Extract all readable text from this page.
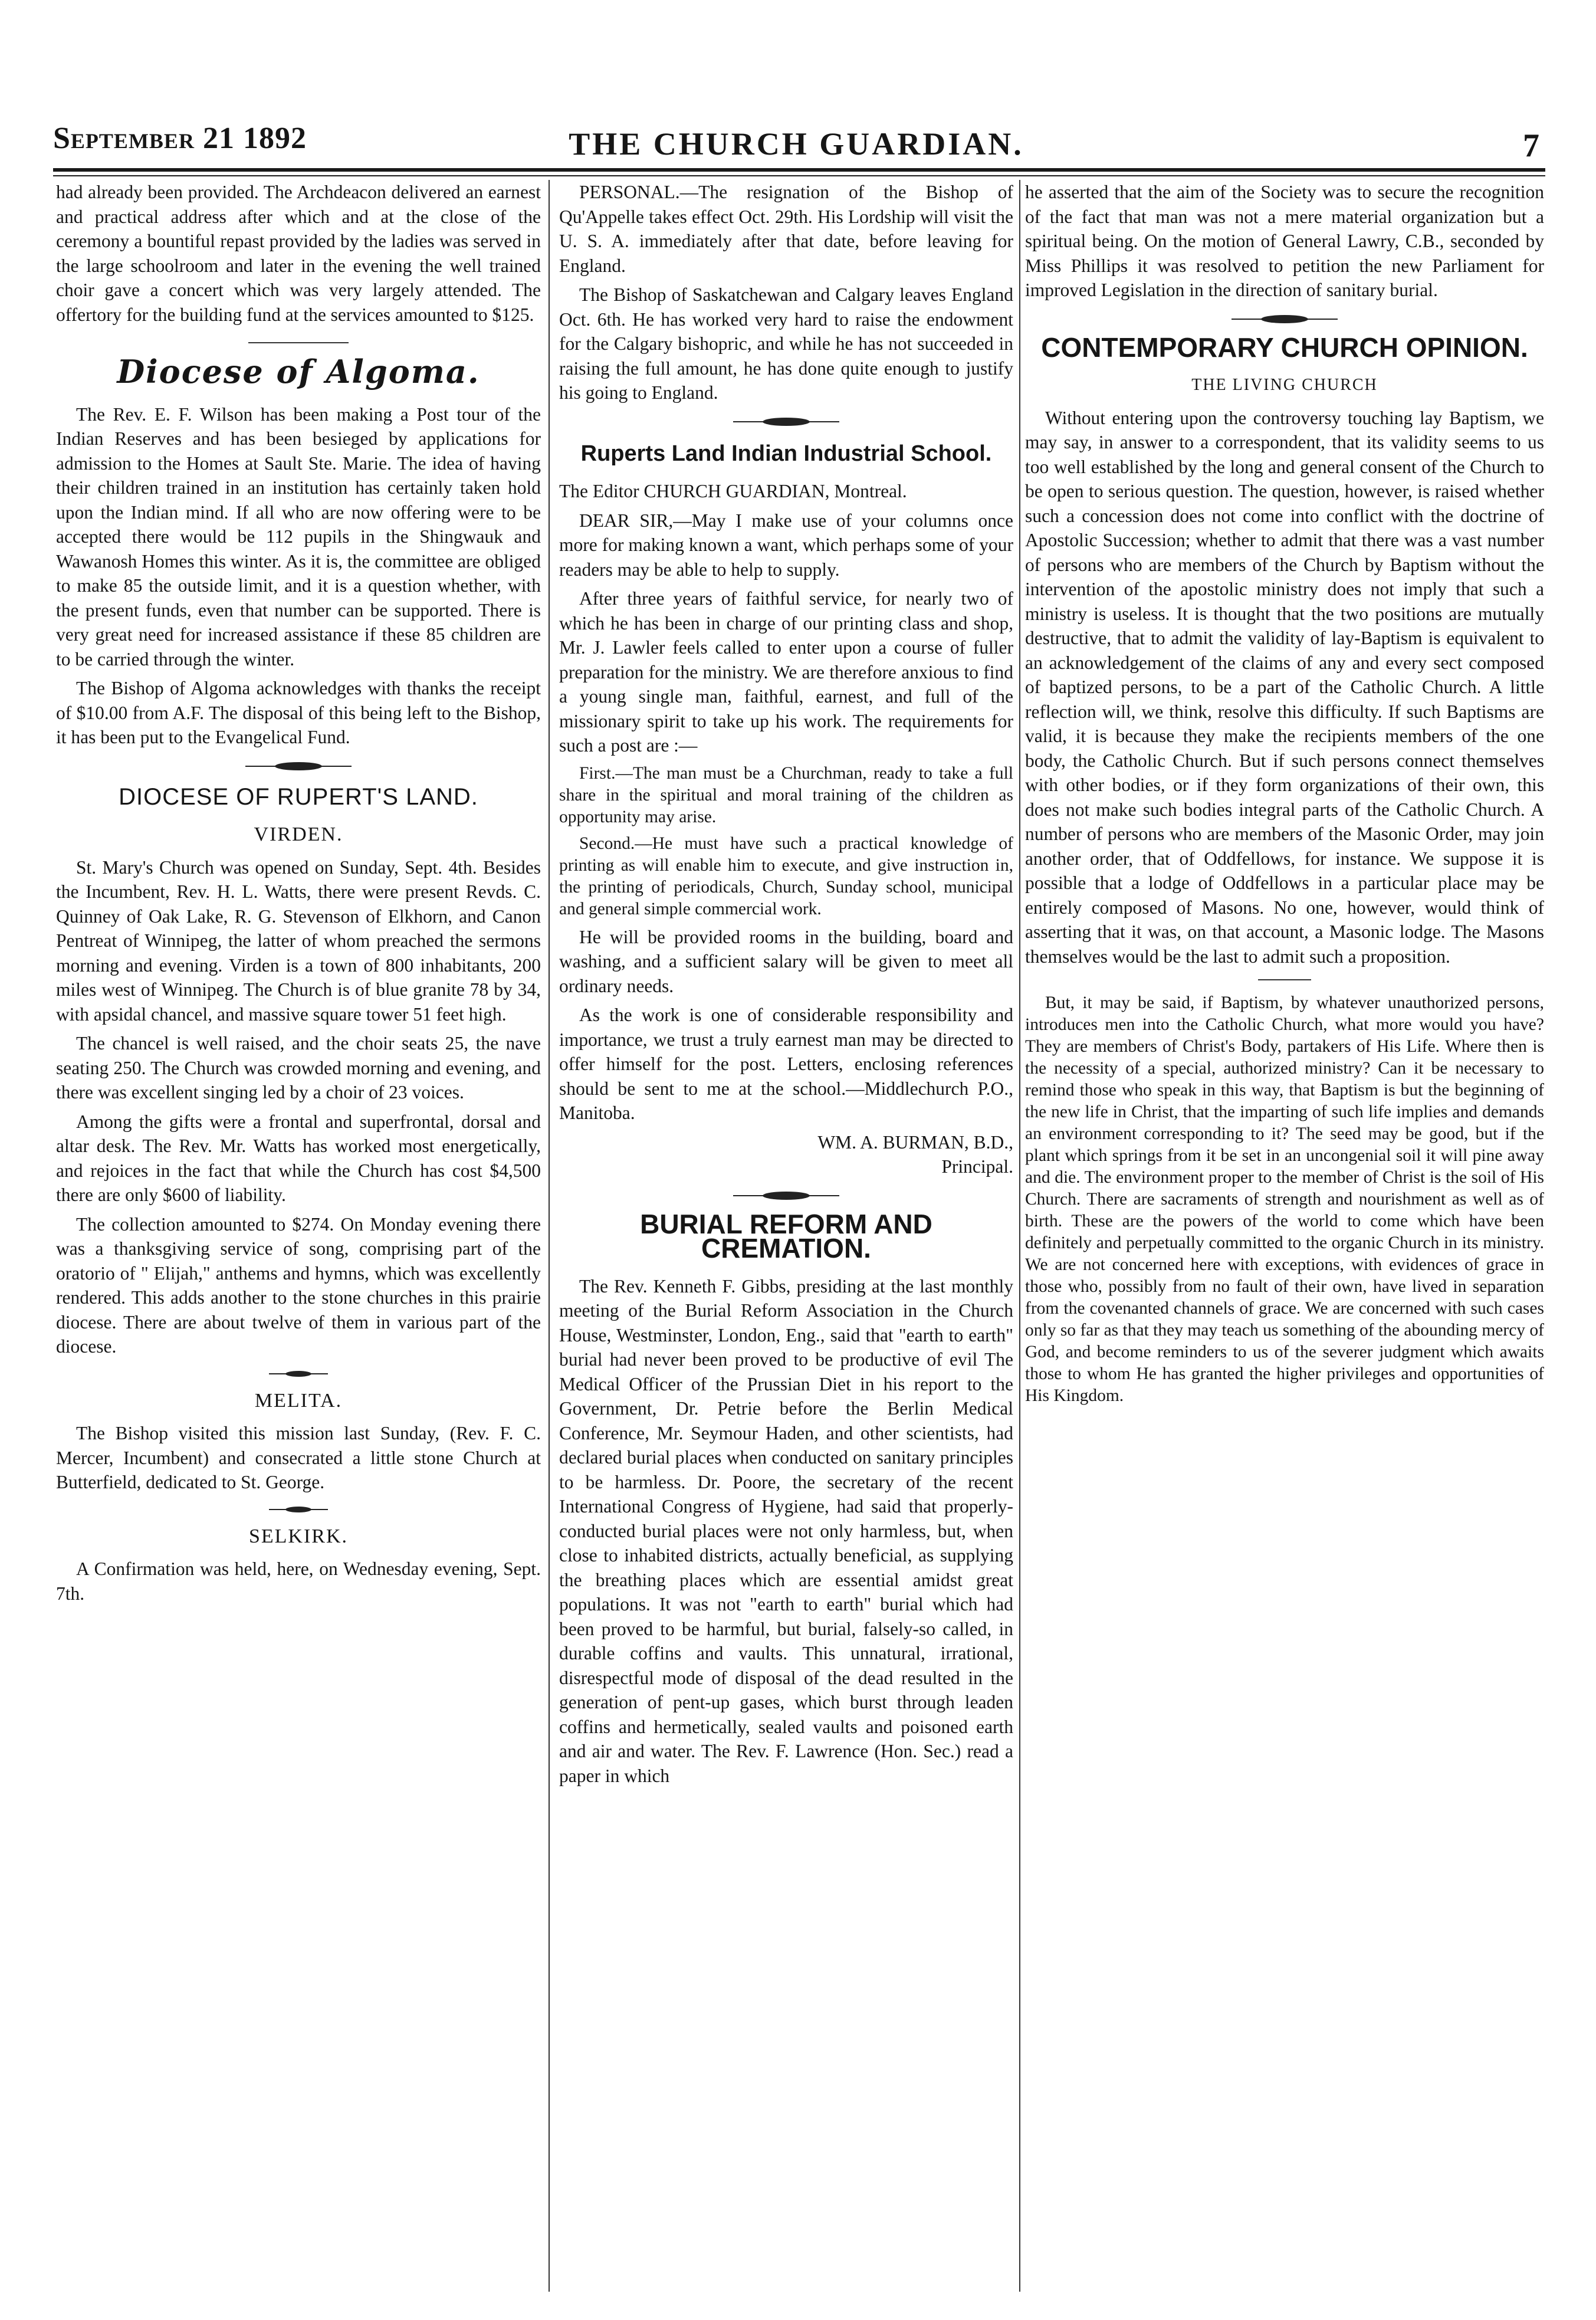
September 21 1892	THE CHURCH GUARDIAN.	7

had already been provided. The Archdeacon delivered an earnest and practical address after which and at the close of the ceremony a bountiful repast provided by the ladies was served in the large schoolroom and later in the evening the well trained choir gave a concert which was very largely attended. The offertory for the building fund at the services amounted to $125.

Diocese of Algoma.

The Rev. E. F. Wilson has been making a Post tour of the Indian Reserves and has been besieged by applications for admission to the Homes at Sault Ste. Marie. The idea of having their children trained in an institution has certainly taken hold upon the Indian mind. If all who are now offering were to be accepted there would be 112 pupils in the Shingwauk and Wawanosh Homes this winter. As it is, the committee are obliged to make 85 the outside limit, and it is a question whether, with the present funds, even that number can be supported. There is very great need for increased assistance if these 85 children are to be carried through the winter.

The Bishop of Algoma acknowledges with thanks the receipt of $10.00 from A.F. The disposal of this being left to the Bishop, it has been put to the Evangelical Fund.

DIOCESE OF RUPERT'S LAND.
VIRDEN.

St. Mary's Church was opened on Sunday, Sept. 4th. Besides the Incumbent, Rev. H. L. Watts, there were present Revds. C. Quinney of Oak Lake, R. G. Stevenson of Elkhorn, and Canon Pentreat of Winnipeg, the latter of whom preached the sermons morning and evening. Virden is a town of 800 inhabitants, 200 miles west of Winnipeg. The Church is of blue granite 78 by 34, with apsidal chancel, and massive square tower 51 feet high.

The chancel is well raised, and the choir seats 25, the nave seating 250. The Church was crowded morning and evening, and there was excellent singing led by a choir of 23 voices.

Among the gifts were a frontal and superfrontal, dorsal and altar desk. The Rev. Mr. Watts has worked most energetically, and rejoices in the fact that while the Church has cost $4,500 there are only $600 of liability.

The collection amounted to $274. On Monday evening there was a thanksgiving service of song, comprising part of the oratorio of " Elijah," anthems and hymns, which was excellently rendered. This adds another to the stone churches in this prairie diocese. There are about twelve of them in various part of the diocese.

MELITA.

The Bishop visited this mission last Sunday, (Rev. F. C. Mercer, Incumbent) and consecrated a little stone Church at Butterfield, dedicated to St. George.

SELKIRK.

A Confirmation was held, here, on Wednesday evening, Sept. 7th.

PERSONAL.—The resignation of the Bishop of Qu'Appelle takes effect Oct. 29th. His Lordship will visit the U. S. A. immediately after that date, before leaving for England.

The Bishop of Saskatchewan and Calgary leaves England Oct. 6th. He has worked very hard to raise the endowment for the Calgary bishopric, and while he has not succeeded in raising the full amount, he has done quite enough to justify his going to England.

Ruperts Land Indian Industrial School.

The Editor CHURCH GUARDIAN, Montreal.

DEAR SIR,—May I make use of your columns once more for making known a want, which perhaps some of your readers may be able to help to supply.

After three years of faithful service, for nearly two of which he has been in charge of our printing class and shop, Mr. J. Lawler feels called to enter upon a course of fuller preparation for the ministry. We are therefore anxious to find a young single man, faithful, earnest, and full of the missionary spirit to take up his work. The requirements for such a post are :—

First.—The man must be a Churchman, ready to take a full share in the spiritual and moral training of the children as opportunity may arise.

Second.—He must have such a practical knowledge of printing as will enable him to execute, and give instruction in, the printing of periodicals, Church, Sunday school, municipal and general simple commercial work.

He will be provided rooms in the building, board and washing, and a sufficient salary will be given to meet all ordinary needs.

As the work is one of considerable responsibility and importance, we trust a truly earnest man may be directed to offer himself for the post. Letters, enclosing references should be sent to me at the school.—Middlechurch P.O., Manitoba.

WM. A. BURMAN, B.D.,

Principal.

BURIAL REFORM AND CREMATION.

The Rev. Kenneth F. Gibbs, presiding at the last monthly meeting of the Burial Reform Association in the Church House, Westminster, London, Eng., said that "earth to earth" burial had never been proved to be productive of evil The Medical Officer of the Prussian Diet in his report to the Government, Dr. Petrie before the Berlin Medical Conference, Mr. Seymour Haden, and other scientists, had declared burial places when conducted on sanitary principles to be harmless. Dr. Poore, the secretary of the recent International Congress of Hygiene, had said that properly-conducted burial places were not only harmless, but, when close to inhabited districts, actually beneficial, as supplying the breathing places which are essential amidst great populations. It was not "earth to earth" burial which had been proved to be harmful, but burial, falsely-so called, in durable coffins and vaults. This unnatural, irrational, disrespectful mode of disposal of the dead resulted in the generation of pent-up gases, which burst through leaden coffins and hermetically, sealed vaults and poisoned earth and air and water. The Rev. F. Lawrence (Hon. Sec.) read a paper in which

he asserted that the aim of the Society was to secure the recognition of the fact that man was not a mere material organization but a spiritual being. On the motion of General Lawry, C.B., seconded by Miss Phillips it was resolved to petition the new Parliament for improved Legislation in the direction of sanitary burial.

CONTEMPORARY CHURCH OPINION.
THE LIVING CHURCH

Without entering upon the controversy touching lay Baptism, we may say, in answer to a correspondent, that its validity seems to us too well established by the long and general consent of the Church to be open to serious question. The question, however, is raised whether such a concession does not come into conflict with the doctrine of Apostolic Succession; whether to admit that there was a vast number of persons who are members of the Church by Baptism without the intervention of the apostolic ministry does not imply that such a ministry is useless. It is thought that the two positions are mutually destructive, that to admit the validity of lay-Baptism is equivalent to an acknowledgement of the claims of any and every sect composed of baptized persons, to be a part of the Catholic Church. A little reflection will, we think, resolve this difficulty. If such Baptisms are valid, it is because they make the recipients members of the one body, the Catholic Church. But if such persons connect themselves with other bodies, or if they form organizations of their own, this does not make such bodies integral parts of the Catholic Church. A number of persons who are members of the Masonic Order, may join another order, that of Oddfellows, for instance. We suppose it is possible that a lodge of Oddfellows in a particular place may be entirely composed of Masons. No one, however, would think of asserting that it was, on that account, a Masonic lodge. The Masons themselves would be the last to admit such a proposition.

But, it may be said, if Baptism, by whatever unauthorized persons, introduces men into the Catholic Church, what more would you have? They are members of Christ's Body, partakers of His Life. Where then is the necessity of a special, authorized ministry? Can it be necessary to remind those who speak in this way, that Baptism is but the beginning of the new life in Christ, that the imparting of such life implies and demands an environment corresponding to it? The seed may be good, but if the plant which springs from it be set in an uncongenial soil it will pine away and die. The environment proper to the member of Christ is the soil of His Church. There are sacraments of strength and nourishment as well as of birth. These are the powers of the world to come which have been definitely and perpetually committed to the organic Church in its ministry. We are not concerned here with exceptions, with evidences of grace in those who, possibly from no fault of their own, have lived in separation from the covenanted channels of grace. We are concerned with such cases only so far as that they may teach us something of the abounding mercy of God, and become reminders to us of the severer judgment which awaits those to whom He has granted the higher privileges and opportunities of His Kingdom.
